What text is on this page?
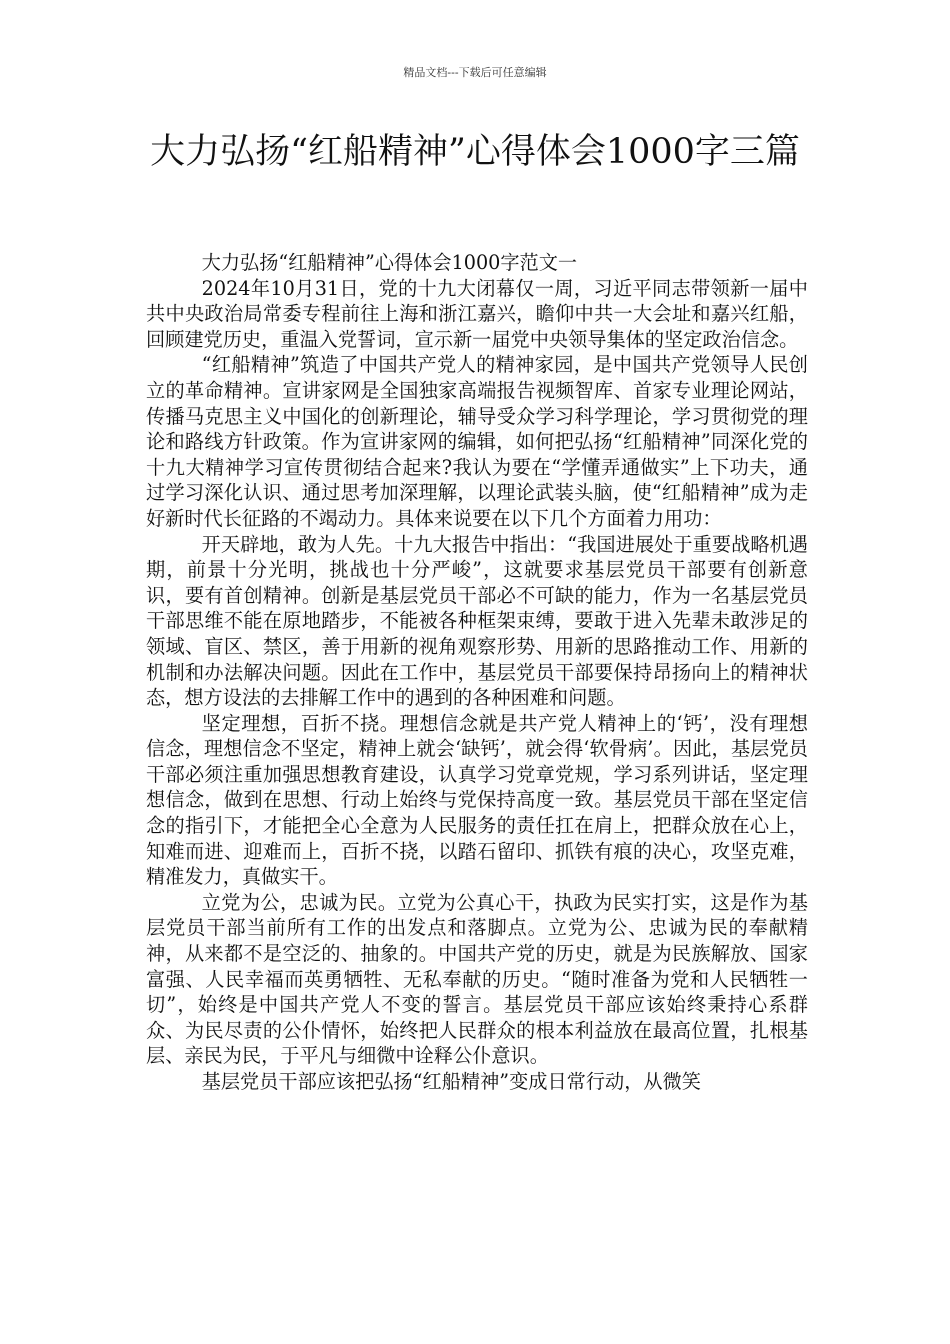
精品文档---下载后可任意编辑
大力弘扬“红船精神”心得体会1000字三篇

大力弘扬“红船精神”心得体会1000字范文一

2024年10月31日，党的十九大闭幕仅一周，习近平同志带领新一届中共中央政治局常委专程前往上海和浙江嘉兴，瞻仰中共一大会址和嘉兴红船，回顾建党历史，重温入党誓词，宣示新一届党中央领导集体的坚定政治信念。

“红船精神”筑造了中国共产党人的精神家园，是中国共产党领导人民创立的革命精神。宣讲家网是全国独家高端报告视频智库、首家专业理论网站，传播马克思主义中国化的创新理论，辅导受众学习科学理论，学习贯彻党的理论和路线方针政策。作为宣讲家网的编辑，如何把弘扬“红船精神”同深化党的十九大精神学习宣传贯彻结合起来?我认为要在“学懂弄通做实”上下功夫，通过学习深化认识、通过思考加深理解，以理论武装头脑，使“红船精神”成为走好新时代长征路的不竭动力。具体来说要在以下几个方面着力用功：

开天辟地，敢为人先。十九大报告中指出：“我国进展处于重要战略机遇期，前景十分光明，挑战也十分严峻”，这就要求基层党员干部要有创新意识，要有首创精神。创新是基层党员干部必不可缺的能力，作为一名基层党员干部思维不能在原地踏步，不能被各种框架束缚，要敢于进入先辈未敢涉足的领域、盲区、禁区，善于用新的视角观察形势、用新的思路推动工作、用新的机制和办法解决问题。因此在工作中，基层党员干部要保持昂扬向上的精神状态，想方设法的去排解工作中的遇到的各种困难和问题。

坚定理想，百折不挠。理想信念就是共产党人精神上的‘钙’，没有理想信念，理想信念不坚定，精神上就会‘缺钙’，就会得‘软骨病’。因此，基层党员干部必须注重加强思想教育建设，认真学习党章党规，学习系列讲话，坚定理想信念，做到在思想、行动上始终与党保持高度一致。基层党员干部在坚定信念的指引下，才能把全心全意为人民服务的责任扛在肩上，把群众放在心上，知难而进、迎难而上，百折不挠，以踏石留印、抓铁有痕的决心，攻坚克难，精准发力，真做实干。

立党为公，忠诚为民。立党为公真心干，执政为民实打实，这是作为基层党员干部当前所有工作的出发点和落脚点。立党为公、忠诚为民的奉献精神，从来都不是空泛的、抽象的。中国共产党的历史，就是为民族解放、国家富强、人民幸福而英勇牺牲、无私奉献的历史。“随时准备为党和人民牺牲一切”，始终是中国共产党人不变的誓言。基层党员干部应该始终秉持心系群众、为民尽责的公仆情怀，始终把人民群众的根本利益放在最高位置，扎根基层、亲民为民，于平凡与细微中诠释公仆意识。

基层党员干部应该把弘扬“红船精神”变成日常行动，从微笑
